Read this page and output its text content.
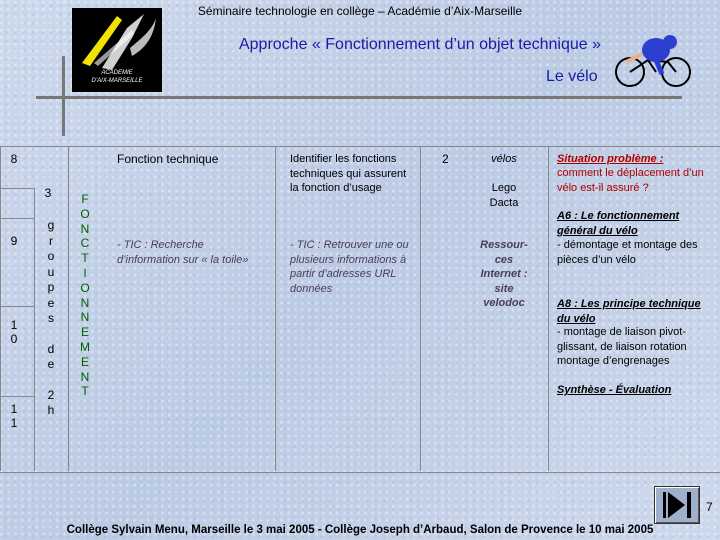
Séminaire technologie en collège – Académie d’Aix-Marseille
ACADEMIE
D’AIX-MARSEILLE
Approche « Fonctionnement d’un objet technique »
Le vélo
8
9
1
0
1
1
3
g
r
o
u
p
e
s
d
e
2
h
F
O
N
C
T
I
O
N
N
E
M
E
N
T
Fonction technique
- TIC : Recherche d’information sur « la toile»
Identifier les fonctions techniques qui assurent la fonction d’usage
- TIC : Retrouver une ou plusieurs informations à partir d’adresses URL données
2	vélos
Lego
Dacta
Ressour-
ces
Internet :
site
velodoc
Situation problème :
comment le déplacement d’un vélo est-il assuré ?
A6 : Le fonctionnement général du vélo
- démontage et montage des pièces d’un vélo
A8 : Les principe technique du vélo
- montage de liaison pivot-glissant, de liaison rotation montage d’engrenages
Synthèse - Évaluation
7
Collège Sylvain Menu, Marseille le 3 mai 2005 - Collège Joseph d’Arbaud, Salon de Provence le 10 mai 2005
